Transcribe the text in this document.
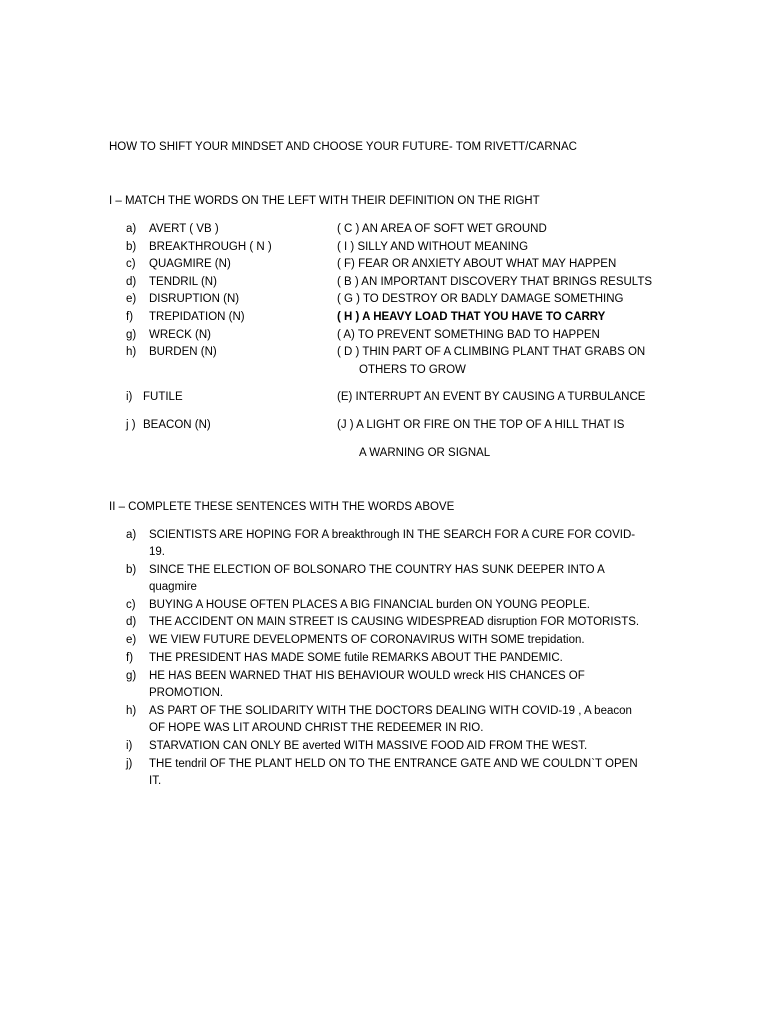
HOW TO SHIFT YOUR MINDSET AND CHOOSE YOUR FUTURE- TOM RIVETT/CARNAC
I – MATCH THE WORDS ON THE LEFT WITH THEIR DEFINITION ON THE RIGHT
a) AVERT ( VB )	( C ) AN AREA OF SOFT WET GROUND
b) BREAKTHROUGH ( N )	( I ) SILLY AND WITHOUT MEANING
c) QUAGMIRE (N)	( F) FEAR OR ANXIETY ABOUT WHAT MAY HAPPEN
d) TENDRIL (N)	( B ) AN IMPORTANT DISCOVERY THAT BRINGS RESULTS
e) DISRUPTION (N)	( G ) TO DESTROY OR BADLY DAMAGE SOMETHING
f) TREPIDATION (N)	( H ) A HEAVY LOAD THAT YOU HAVE TO CARRY
g) WRECK (N)	( A) TO PREVENT SOMETHING BAD TO HAPPEN
h) BURDEN (N)	( D ) THIN PART OF A CLIMBING PLANT THAT GRABS ON
OTHERS TO GROW
i) FUTILE	(E) INTERRUPT AN EVENT BY CAUSING A TURBULANCE
j ) BEACON (N)	(J ) A LIGHT OR FIRE ON THE TOP OF A HILL THAT IS
A WARNING OR SIGNAL
II – COMPLETE THESE SENTENCES WITH THE WORDS ABOVE
a) SCIENTISTS ARE HOPING FOR A breakthrough IN THE SEARCH FOR A CURE FOR COVID-
19.
b) SINCE THE ELECTION OF BOLSONARO THE COUNTRY HAS SUNK DEEPER INTO A
quagmire
c) BUYING A HOUSE OFTEN PLACES A BIG FINANCIAL burden ON YOUNG PEOPLE.
d) THE ACCIDENT ON MAIN STREET IS CAUSING WIDESPREAD disruption FOR MOTORISTS.
e) WE VIEW FUTURE DEVELOPMENTS OF CORONAVIRUS WITH SOME trepidation.
f) THE PRESIDENT HAS MADE SOME futile REMARKS ABOUT THE PANDEMIC.
g) HE HAS BEEN WARNED THAT HIS BEHAVIOUR WOULD wreck HIS CHANCES OF
PROMOTION.
h) AS PART OF THE SOLIDARITY WITH THE DOCTORS DEALING WITH COVID-19 , A beacon
OF HOPE WAS LIT AROUND CHRIST THE REDEEMER IN RIO.
i) STARVATION CAN ONLY BE averted WITH MASSIVE FOOD AID FROM THE WEST.
j) THE tendril OF THE PLANT HELD ON TO THE ENTRANCE GATE AND WE COULDN`T OPEN
IT.
